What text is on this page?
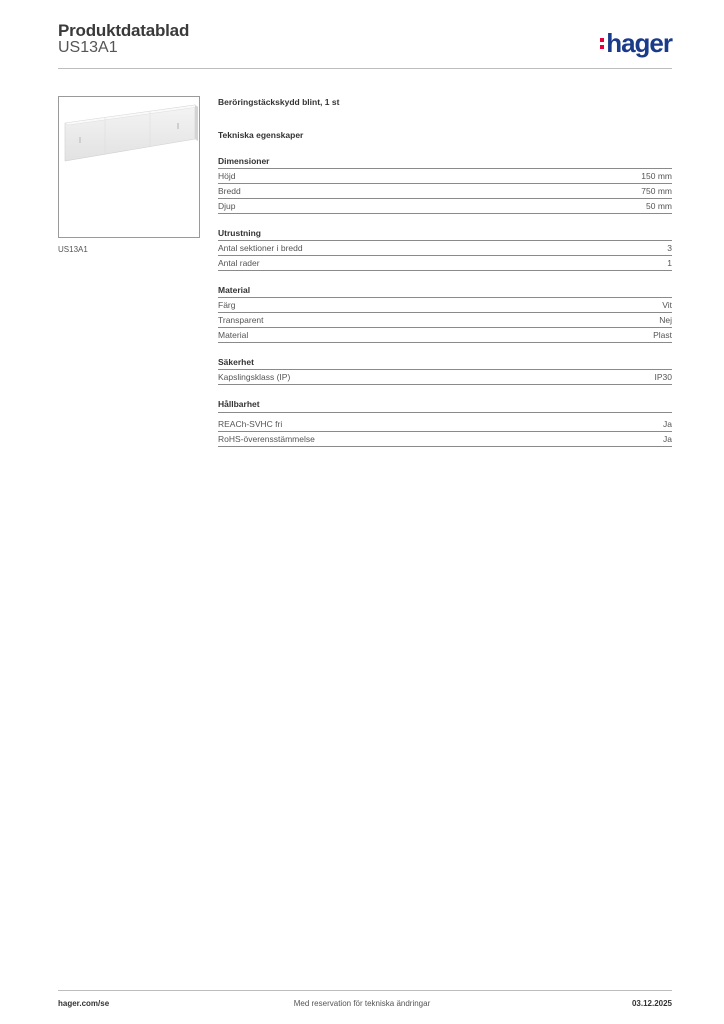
Produktdatablad
US13A1	hager
US13A1
Beröringstäckskydd blint, 1 st
Tekniska egenskaper
Dimensioner
Höjd	150 mm
Bredd	750 mm
Djup	50 mm
Utrustning
Antal sektioner i bredd	3
Antal rader	1
Material
Färg	Vit
Transparent	Nej
Material	Plast
Säkerhet
Kapslingsklass (IP)	IP30
Hållbarhet
REACh-SVHC fri	Ja
RoHS-överensstämmelse	Ja
hager.com/se	Med reservation för tekniska ändringar	03.12.2025
